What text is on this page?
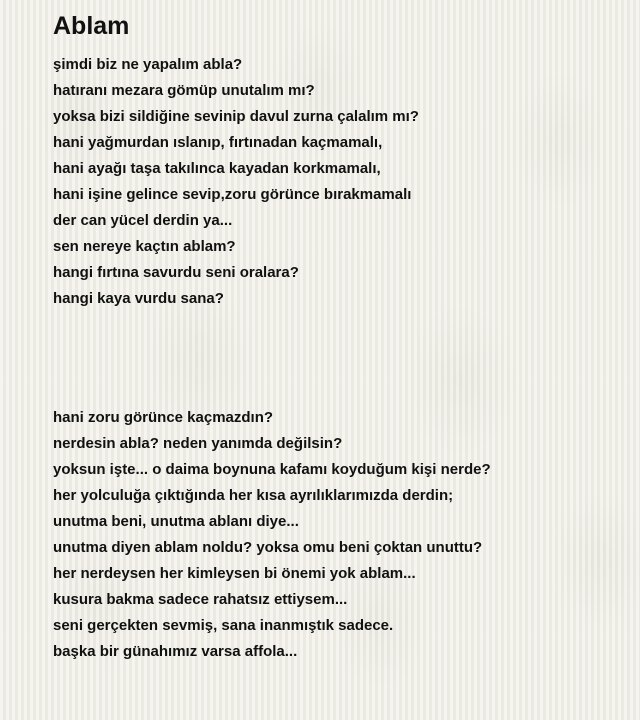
Ablam
şimdi biz ne yapalım abla?
hatıranı mezara gömüp unutalım mı?
yoksa bizi sildiğine sevinip davul zurna çalalım mı?
hani yağmurdan ıslanıp, fırtınadan kaçmamalı,
hani ayağı taşa takılınca kayadan korkmamalı,
hani işine gelince sevip,zoru görünce bırakmamalı
der can yücel derdin ya...
sen nereye kaçtın ablam?
hangi fırtına savurdu seni oralara?
hangi kaya vurdu sana?
hani zoru görünce kaçmazdın?
nerdesin abla? neden yanımda değilsin?
yoksun işte... o daima boynuna kafamı koyduğum kişi nerde?
her yolculuğa çıktığında her kısa ayrılıklarımızda derdin;
unutma beni, unutma ablanı diye...
unutma diyen ablam noldu? yoksa omu beni çoktan unuttu?
her nerdeysen her kimleysen bi önemi yok ablam...
kusura bakma sadece rahatsız ettiysem...
seni gerçekten sevmiş, sana inanmıştık sadece.
başka bir günahımız varsa affola...
